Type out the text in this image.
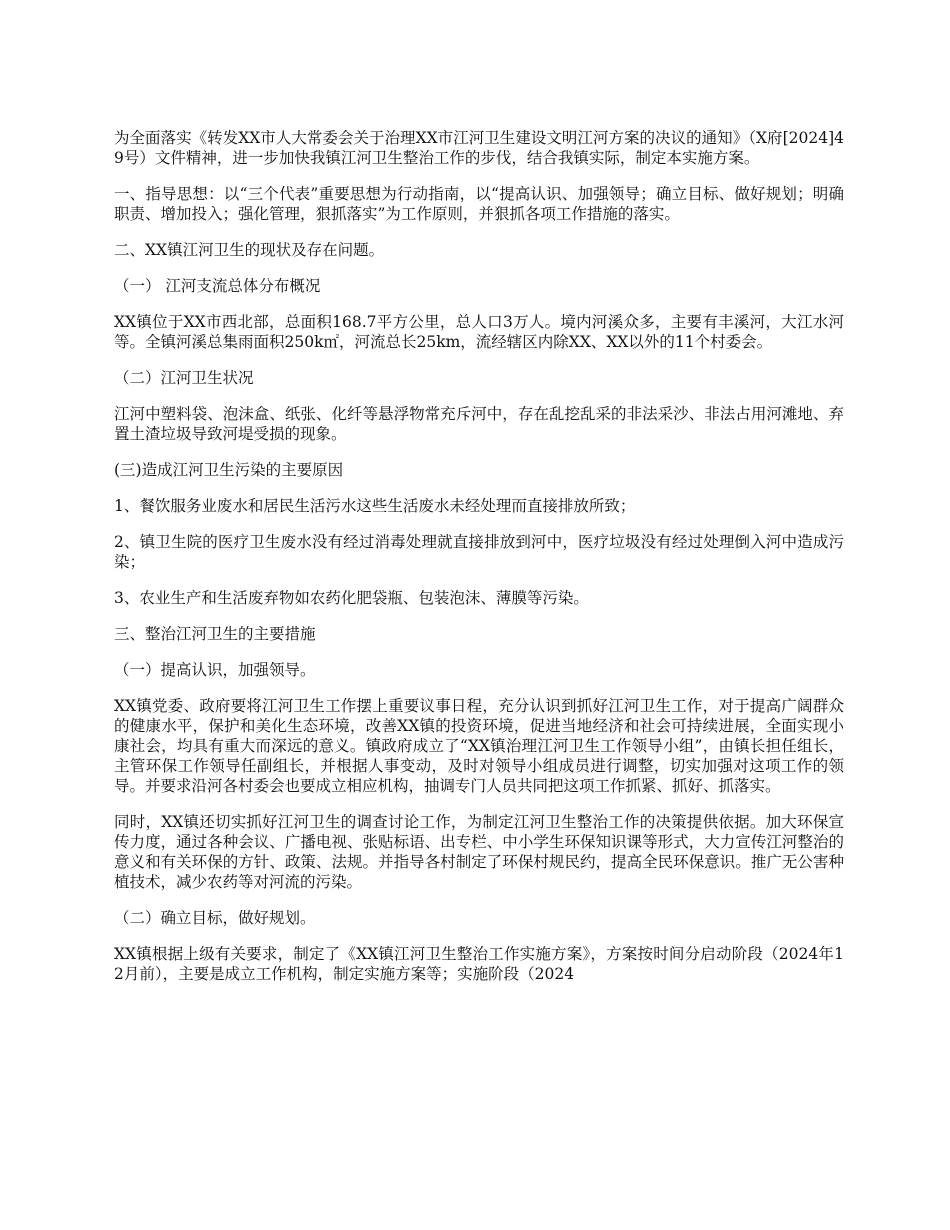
为全面落实《转发XX市人大常委会关于治理XX市江河卫生建设文明江河方案的决议的通知》（X府[2024]49号）文件精神，进一步加快我镇江河卫生整治工作的步伐，结合我镇实际，制定本实施方案。

一、指导思想：以“三个代表”重要思想为行动指南，以“提高认识、加强领导；确立目标、做好规划；明确职责、增加投入；强化管理，狠抓落实”为工作原则，并狠抓各项工作措施的落实。

二、XX镇江河卫生的现状及存在问题。

（一） 江河支流总体分布概况

XX镇位于XX市西北部，总面积168.7平方公里，总人口3万人。境内河溪众多，主要有丰溪河，大江水河等。全镇河溪总集雨面积250k㎡，河流总长25km，流经辖区内除XX、XX以外的11个村委会。

（二）江河卫生状况

江河中塑料袋、泡沫盒、纸张、化纤等悬浮物常充斥河中，存在乱挖乱采的非法采沙、非法占用河滩地、弃置土渣垃圾导致河堤受损的现象。

(三)造成江河卫生污染的主要原因

1、餐饮服务业废水和居民生活污水这些生活废水未经处理而直接排放所致；

2、镇卫生院的医疗卫生废水没有经过消毒处理就直接排放到河中，医疗垃圾没有经过处理倒入河中造成污染；

3、农业生产和生活废弃物如农药化肥袋瓶、包装泡沫、薄膜等污染。

三、整治江河卫生的主要措施

（一）提高认识，加强领导。

XX镇党委、政府要将江河卫生工作摆上重要议事日程，充分认识到抓好江河卫生工作，对于提高广阔群众的健康水平，保护和美化生态环境，改善XX镇的投资环境，促进当地经济和社会可持续进展，全面实现小康社会，均具有重大而深远的意义。镇政府成立了“XX镇治理江河卫生工作领导小组”，由镇长担任组长，主管环保工作领导任副组长，并根据人事变动，及时对领导小组成员进行调整，切实加强对这项工作的领导。并要求沿河各村委会也要成立相应机构，抽调专门人员共同把这项工作抓紧、抓好、抓落实。

同时，XX镇还切实抓好江河卫生的调查讨论工作，为制定江河卫生整治工作的决策提供依据。加大环保宣传力度，通过各种会议、广播电视、张贴标语、出专栏、中小学生环保知识课等形式，大力宣传江河整治的意义和有关环保的方针、政策、法规。并指导各村制定了环保村规民约，提高全民环保意识。推广无公害种植技术，减少农药等对河流的污染。

（二）确立目标，做好规划。

XX镇根据上级有关要求，制定了《XX镇江河卫生整治工作实施方案》，方案按时间分启动阶段（2024年12月前），主要是成立工作机构，制定实施方案等；实施阶段（2024
